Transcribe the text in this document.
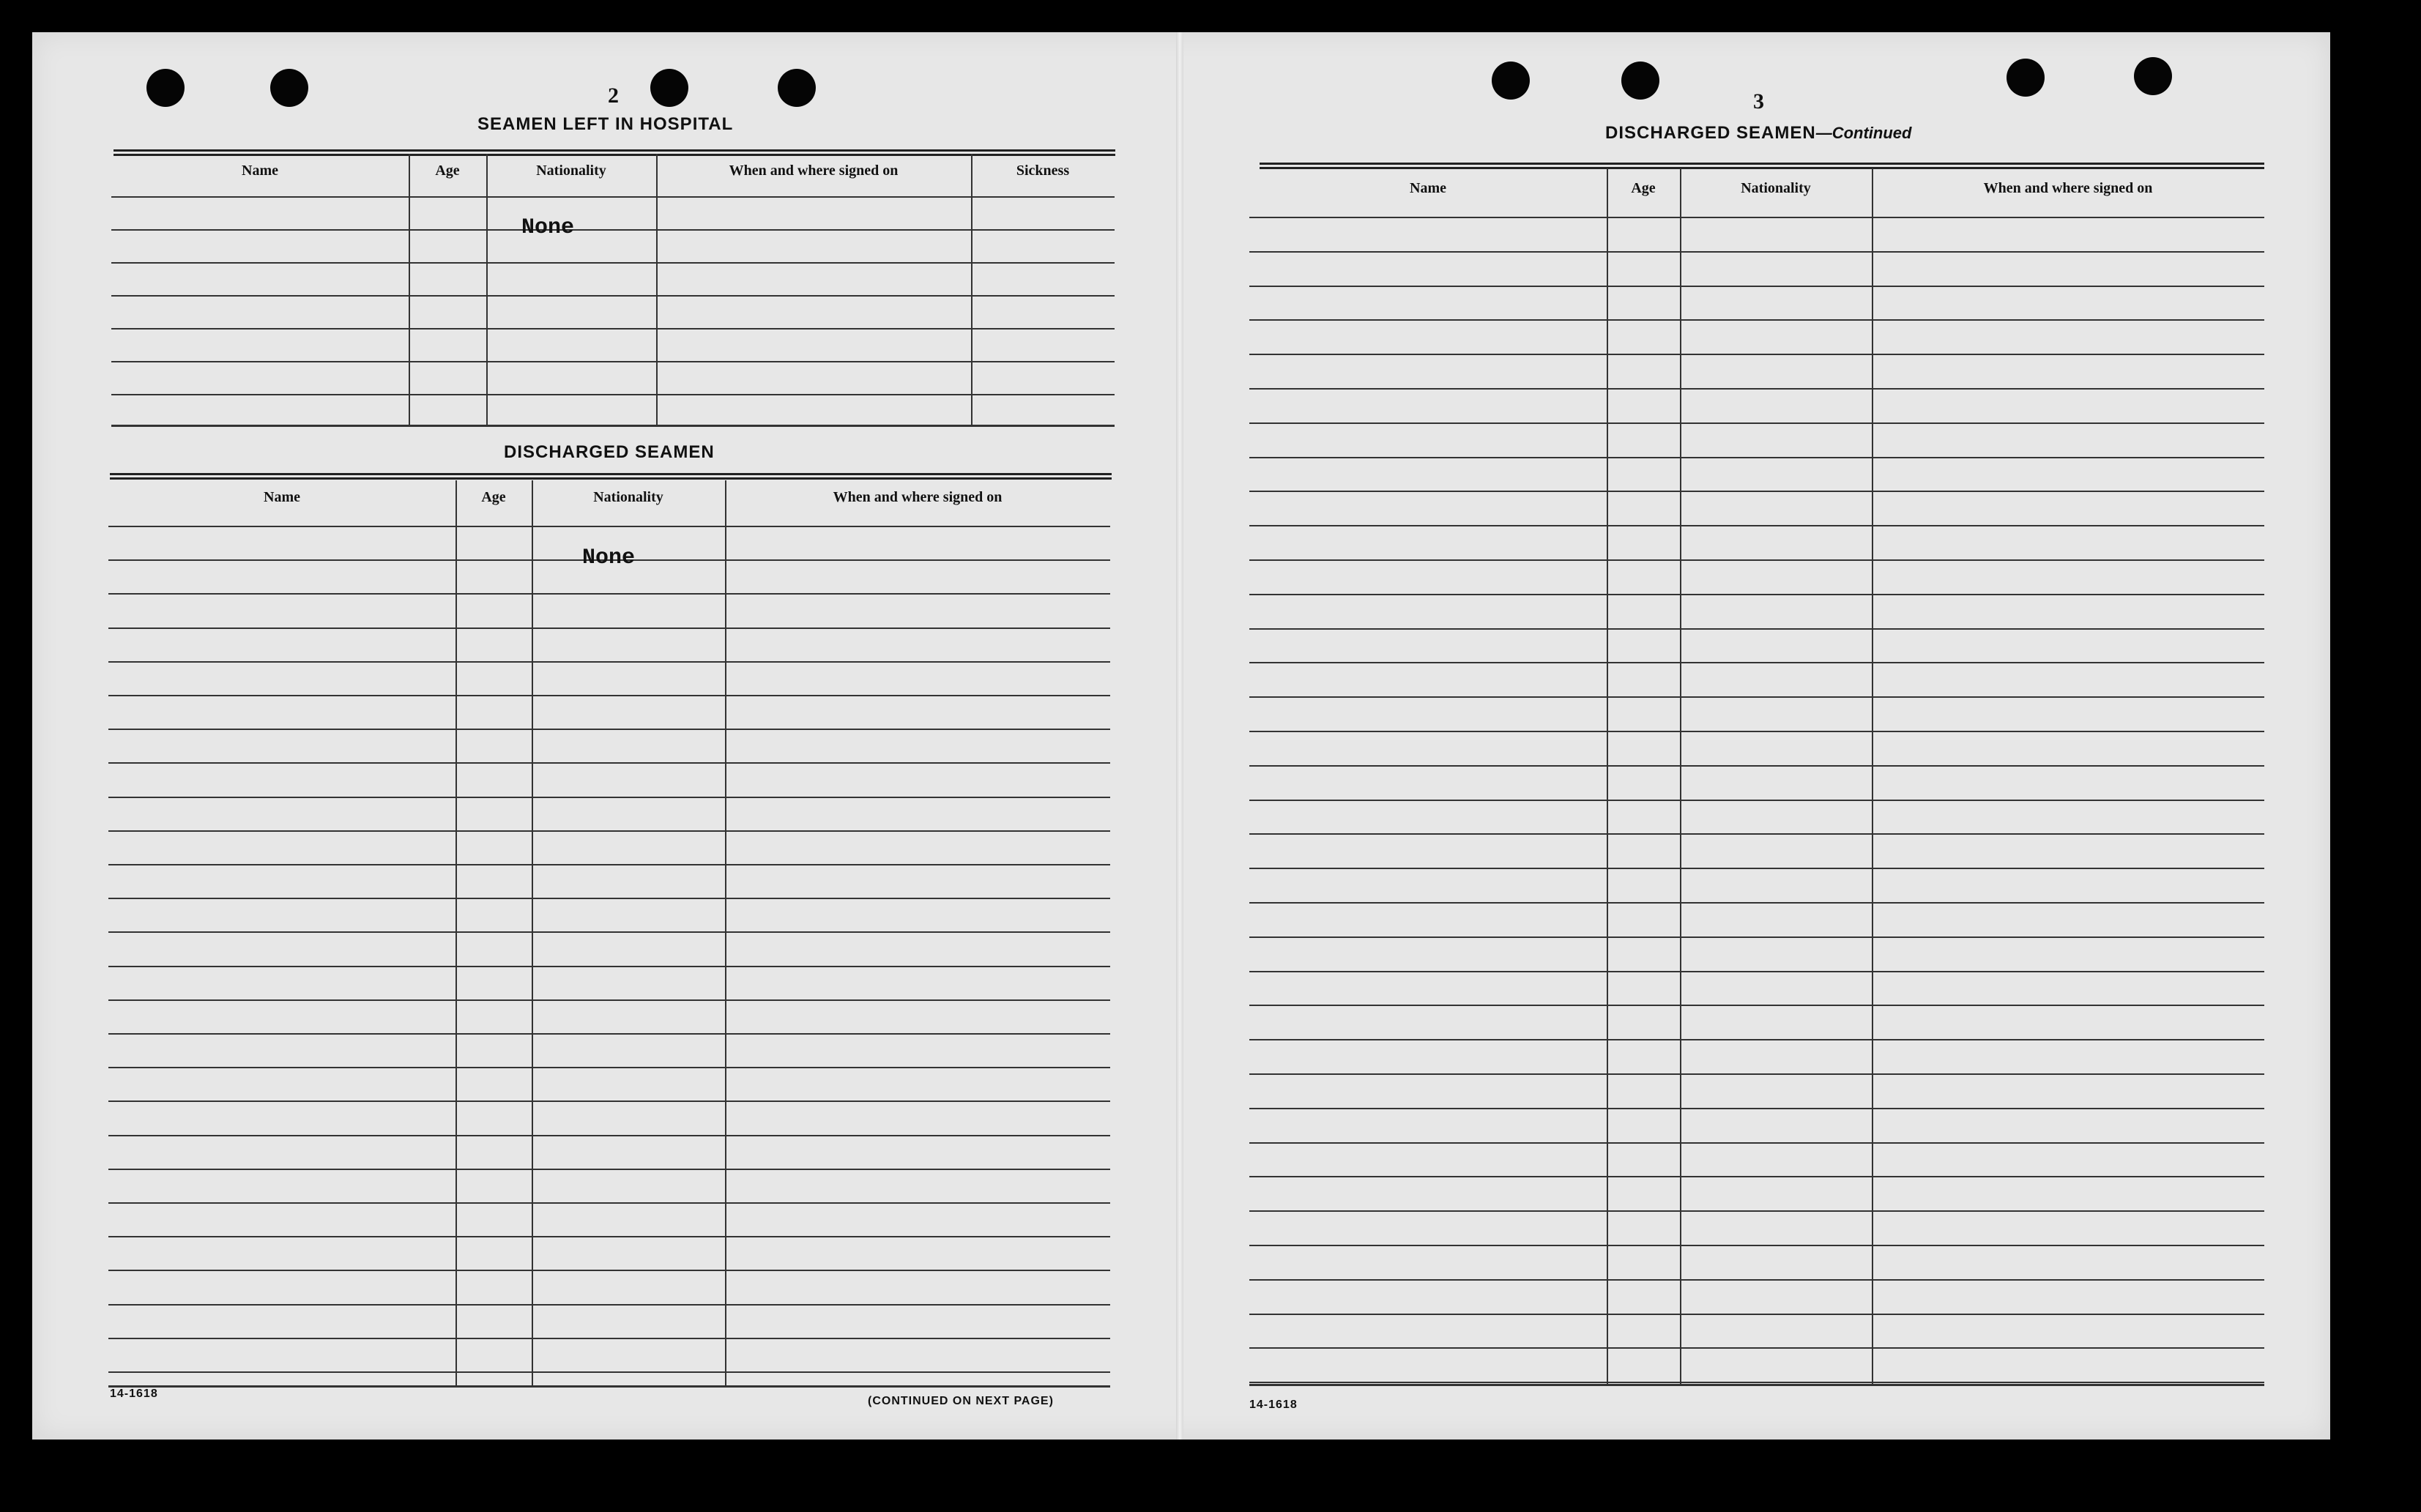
2
SEAMEN LEFT IN HOSPITAL
Name	Age	Nationality	When and where signed on	Sickness
None
DISCHARGED SEAMEN
Name	Age	Nationality	When and where signed on
None
14-1618
(CONTINUED ON NEXT PAGE)
3
DISCHARGED SEAMEN—Continued
Name	Age	Nationality	When and where signed on
14-1618
